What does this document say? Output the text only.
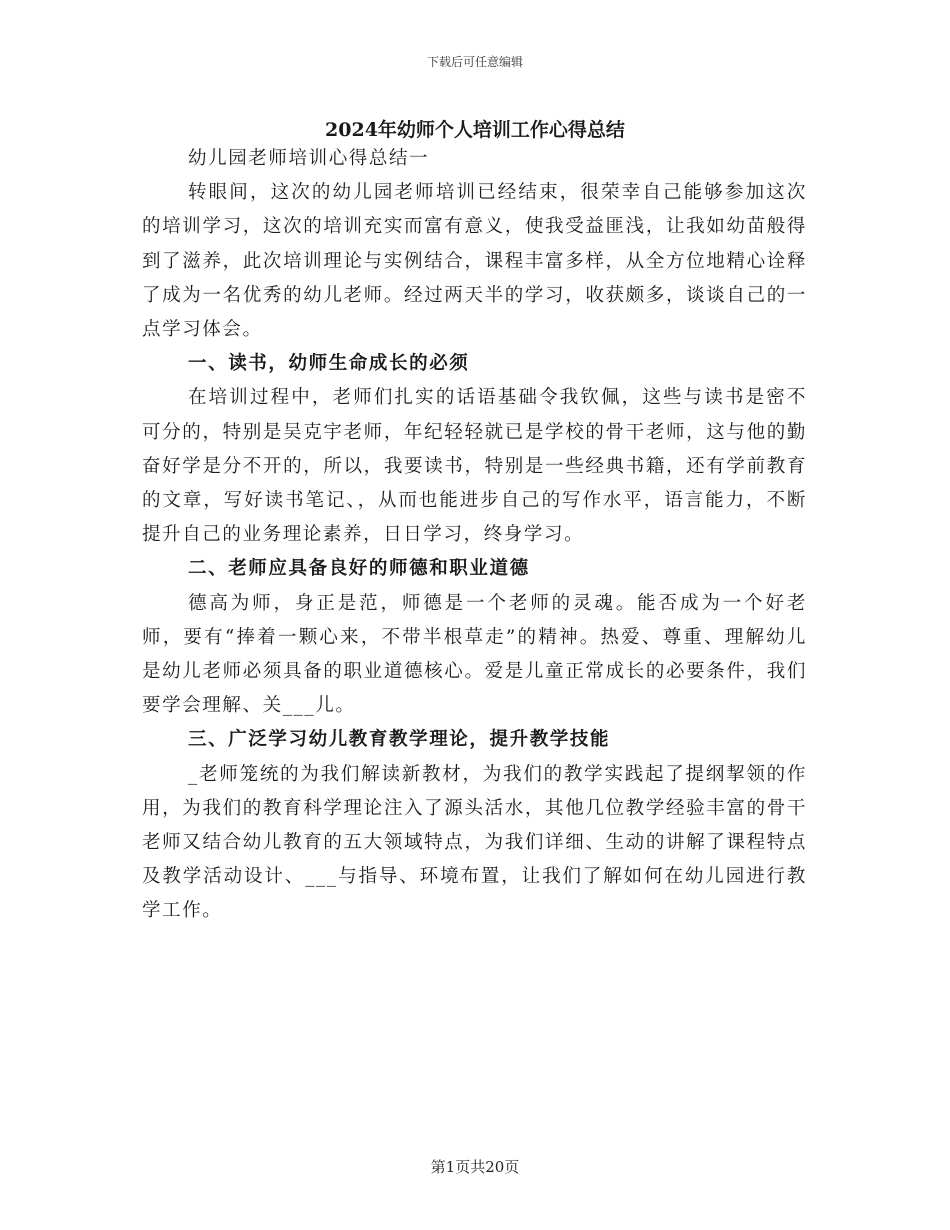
下载后可任意编辑
2024年幼师个人培训工作心得总结

幼儿园老师培训心得总结一

转眼间，这次的幼儿园老师培训已经结束，很荣幸自己能够参加这次的培训学习，这次的培训充实而富有意义，使我受益匪浅，让我如幼苗般得到了滋养，此次培训理论与实例结合，课程丰富多样，从全方位地精心诠释了成为一名优秀的幼儿老师。经过两天半的学习，收获颇多，谈谈自己的一点学习体会。

一、读书，幼师生命成长的必须

在培训过程中，老师们扎实的话语基础令我钦佩，这些与读书是密不可分的，特别是吴克宇老师，年纪轻轻就已是学校的骨干老师，这与他的勤奋好学是分不开的，所以，我要读书，特别是一些经典书籍，还有学前教育的文章，写好读书笔记、，从而也能进步自己的写作水平，语言能力，不断提升自己的业务理论素养，日日学习，终身学习。

二、老师应具备良好的师德和职业道德

德高为师，身正是范，师德是一个老师的灵魂。能否成为一个好老师，要有“捧着一颗心来，不带半根草走”的精神。热爱、尊重、理解幼儿是幼儿老师必须具备的职业道德核心。爱是儿童正常成长的必要条件，我们要学会理解、关___儿。

三、广泛学习幼儿教育教学理论，提升教学技能

_老师笼统的为我们解读新教材，为我们的教学实践起了提纲挈领的作用，为我们的教育科学理论注入了源头活水，其他几位教学经验丰富的骨干老师又结合幼儿教育的五大领域特点，为我们详细、生动的讲解了课程特点及教学活动设计、___与指导、环境布置，让我们了解如何在幼儿园进行教学工作。

第1页共20页
